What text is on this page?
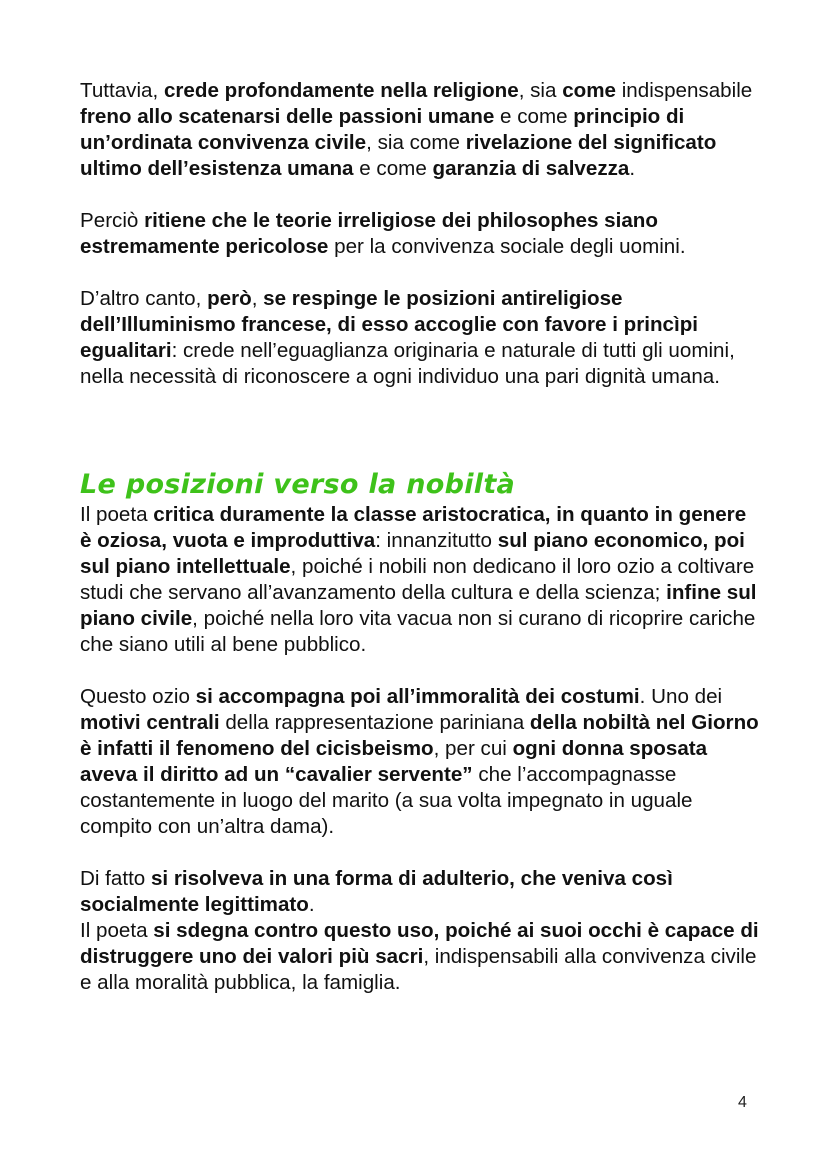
Tuttavia, crede profondamente nella religione, sia come indispensabile freno allo scatenarsi delle passioni umane e come principio di un’ordinata convivenza civile, sia come rivelazione del significato ultimo dell’esistenza umana e come garanzia di salvezza.

Perciò ritiene che le teorie irreligiose dei philosophes siano estremamente pericolose per la convivenza sociale degli uomini.

D’altro canto, però, se respinge le posizioni antireligiose dell’Illuminismo francese, di esso accoglie con favore i princìpi egualitari: crede nell’eguaglianza originaria e naturale di tutti gli uomini, nella necessità di riconoscere a ogni individuo una pari dignità umana.

Le posizioni verso la nobiltà

Il poeta critica duramente la classe aristocratica, in quanto in genere è oziosa, vuota e improduttiva: innanzitutto sul piano economico, poi sul piano intellettuale, poiché i nobili non dedicano il loro ozio a coltivare studi che servano all’avanzamento della cultura e della scienza; infine sul piano civile, poiché nella loro vita vacua non si curano di ricoprire cariche che siano utili al bene pubblico.

Questo ozio si accompagna poi all’immoralità dei costumi. Uno dei motivi centrali della rappresentazione pariniana della nobiltà nel Giorno è infatti il fenomeno del cicisbeismo, per cui ogni donna sposata aveva il diritto ad un “cavalier servente” che l’accompagnasse costantemente in luogo del marito (a sua volta impegnato in uguale compito con un’altra dama).

Di fatto si risolveva in una forma di adulterio, che veniva così socialmente legittimato.

Il poeta si sdegna contro questo uso, poiché ai suoi occhi è capace di distruggere uno dei valori più sacri, indispensabili alla convivenza civile e alla moralità pubblica, la famiglia.

4
